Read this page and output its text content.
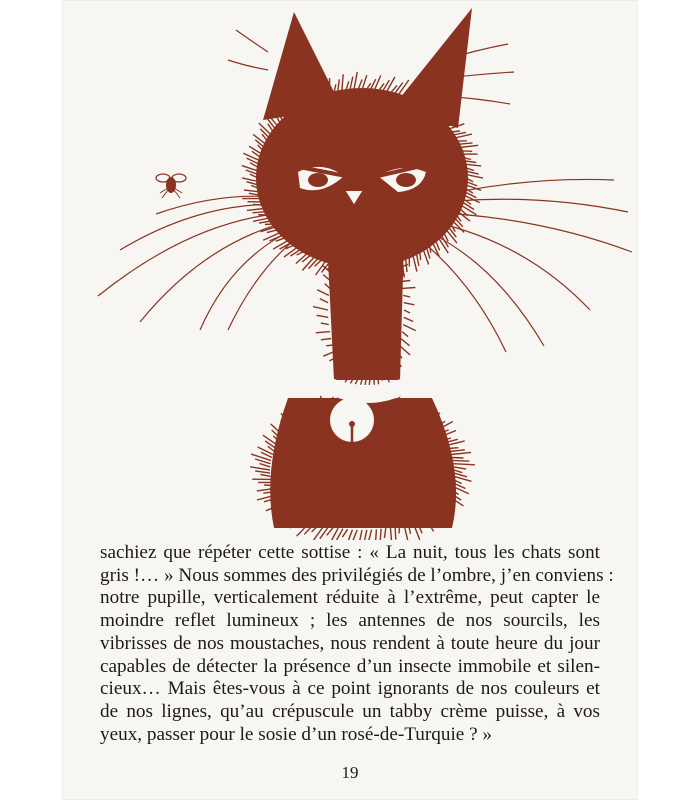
sachiez que répéter cette sottise : « La nuit, tous les chats sont
gris !… » Nous sommes des privilégiés de l’ombre, j’en conviens :
notre pupille, verticalement réduite à l’extrême, peut capter le
moindre reflet lumineux ; les antennes de nos sourcils, les
vibrisses de nos moustaches, nous rendent à toute heure du jour
capables de détecter la présence d’un insecte immobile et silen-
cieux… Mais êtes-vous à ce point ignorants de nos couleurs et
de nos lignes, qu’au crépuscule un tabby crème puisse, à vos
yeux, passer pour le sosie d’un rosé-de-Turquie ? »
19
